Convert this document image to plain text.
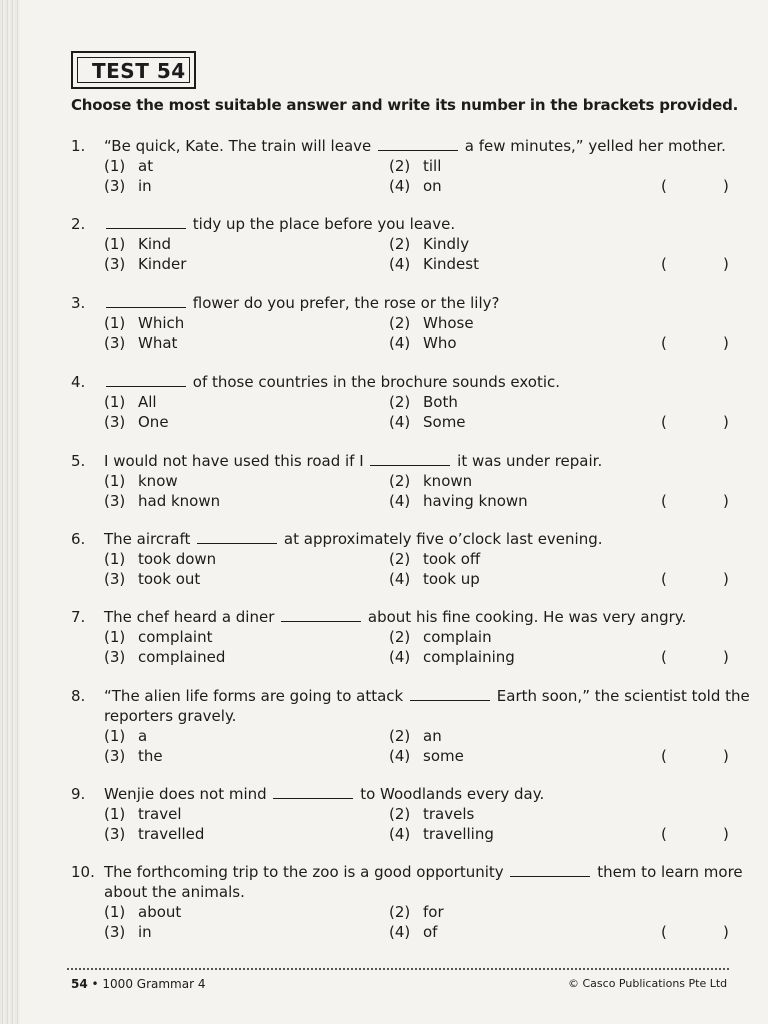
TEST 54
Choose the most suitable answer and write its number in the brackets provided.
1. “Be quick, Kate. The train will leave	a few minutes,” yelled her mother.
(1) at	(2) till
(3) in	(4) on	(	)
2.	tidy up the place before you leave.
(1) Kind	(2) Kindly
(3) Kinder	(4) Kindest	(	)
3.	flower do you prefer, the rose or the lily?
(1) Which	(2) Whose
(3) What	(4) Who	(	)
4.	of those countries in the brochure sounds exotic.
(1) All	(2) Both
(3) One	(4) Some	(	)
5. I would not have used this road if I	it was under repair.
(1) know	(2) known
(3) had known	(4) having known	(	)
6. The aircraft	at approximately five o’clock last evening.
(1) took down	(2) took off
(3) took out	(4) took up	(	)
7. The chef heard a diner	about his fine cooking. He was very angry.
(1) complaint	(2) complain
(3) complained	(4) complaining	(	)
8. “The alien life forms are going to attack	Earth soon,” the scientist told the
reporters gravely.
(1) a	(2) an
(3) the	(4) some	(	)
9. Wenjie does not mind	to Woodlands every day.
(1) travel	(2) travels
(3) travelled	(4) travelling	(	)
10. The forthcoming trip to the zoo is a good opportunity	them to learn more
about the animals.
(1) about	(2) for
(3) in	(4) of	(	)
54 • 1000 Grammar 4	© Casco Publications Pte Ltd
